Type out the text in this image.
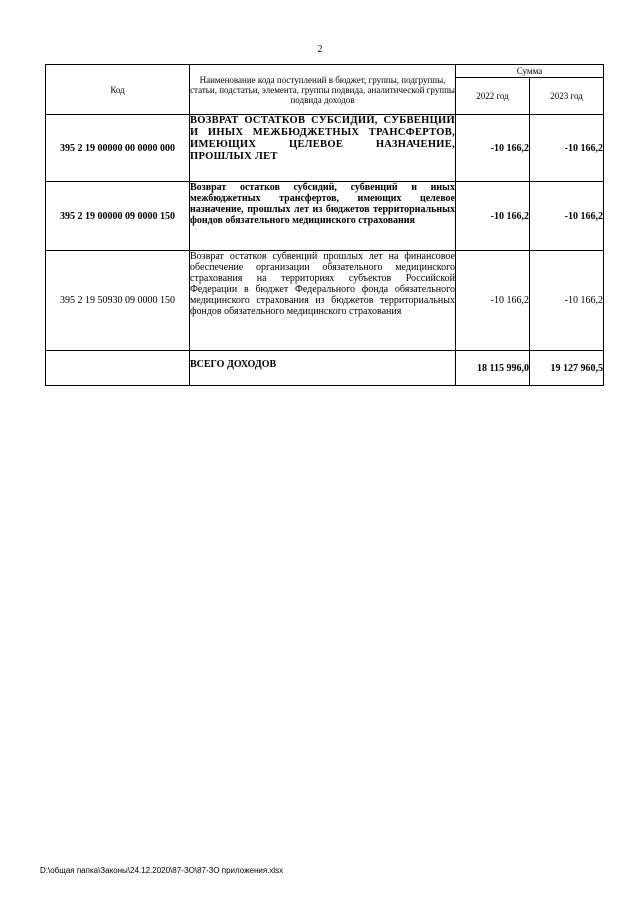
2
Код	Наименование кода поступлений в бюджет, группы, подгруппы, статьи, подстатьи, элемента, группы подвида, аналитической группы подвида доходов	Сумма	
		2022 год	2023 год
395 2 19 00000 00 0000 000	ВОЗВРАТ ОСТАТКОВ СУБСИДИЙ, СУБВЕНЦИЙ И ИНЫХ МЕЖБЮДЖЕТНЫХ ТРАНСФЕРТОВ, ИМЕЮЩИХ ЦЕЛЕВОЕ НАЗНАЧЕНИЕ, ПРОШЛЫХ ЛЕТ	-10 166,2	-10 166,2
395 2 19 00000 09 0000 150	Возврат остатков субсидий, субвенций и иных межбюджетных трансфертов, имеющих целевое назначение, прошлых лет из бюджетов территориальных фондов обязательного медицинского страхования	-10 166,2	-10 166,2
395 2 19 50930 09 0000 150	Возврат остатков субвенций прошлых лет на финансовое обеспечение организации обязательного медицинского страхования на территориях субъектов Российской Федерации в бюджет Федерального фонда обязательного медицинского страхования из бюджетов территориальных фондов обязательного медицинского страхования	-10 166,2	-10 166,2
	ВСЕГО ДОХОДОВ	18 115 996,0	19 127 960,5
D:\общая папка\Законы\24.12.2020\87-ЗО\87-ЗО приложения.xlsx
